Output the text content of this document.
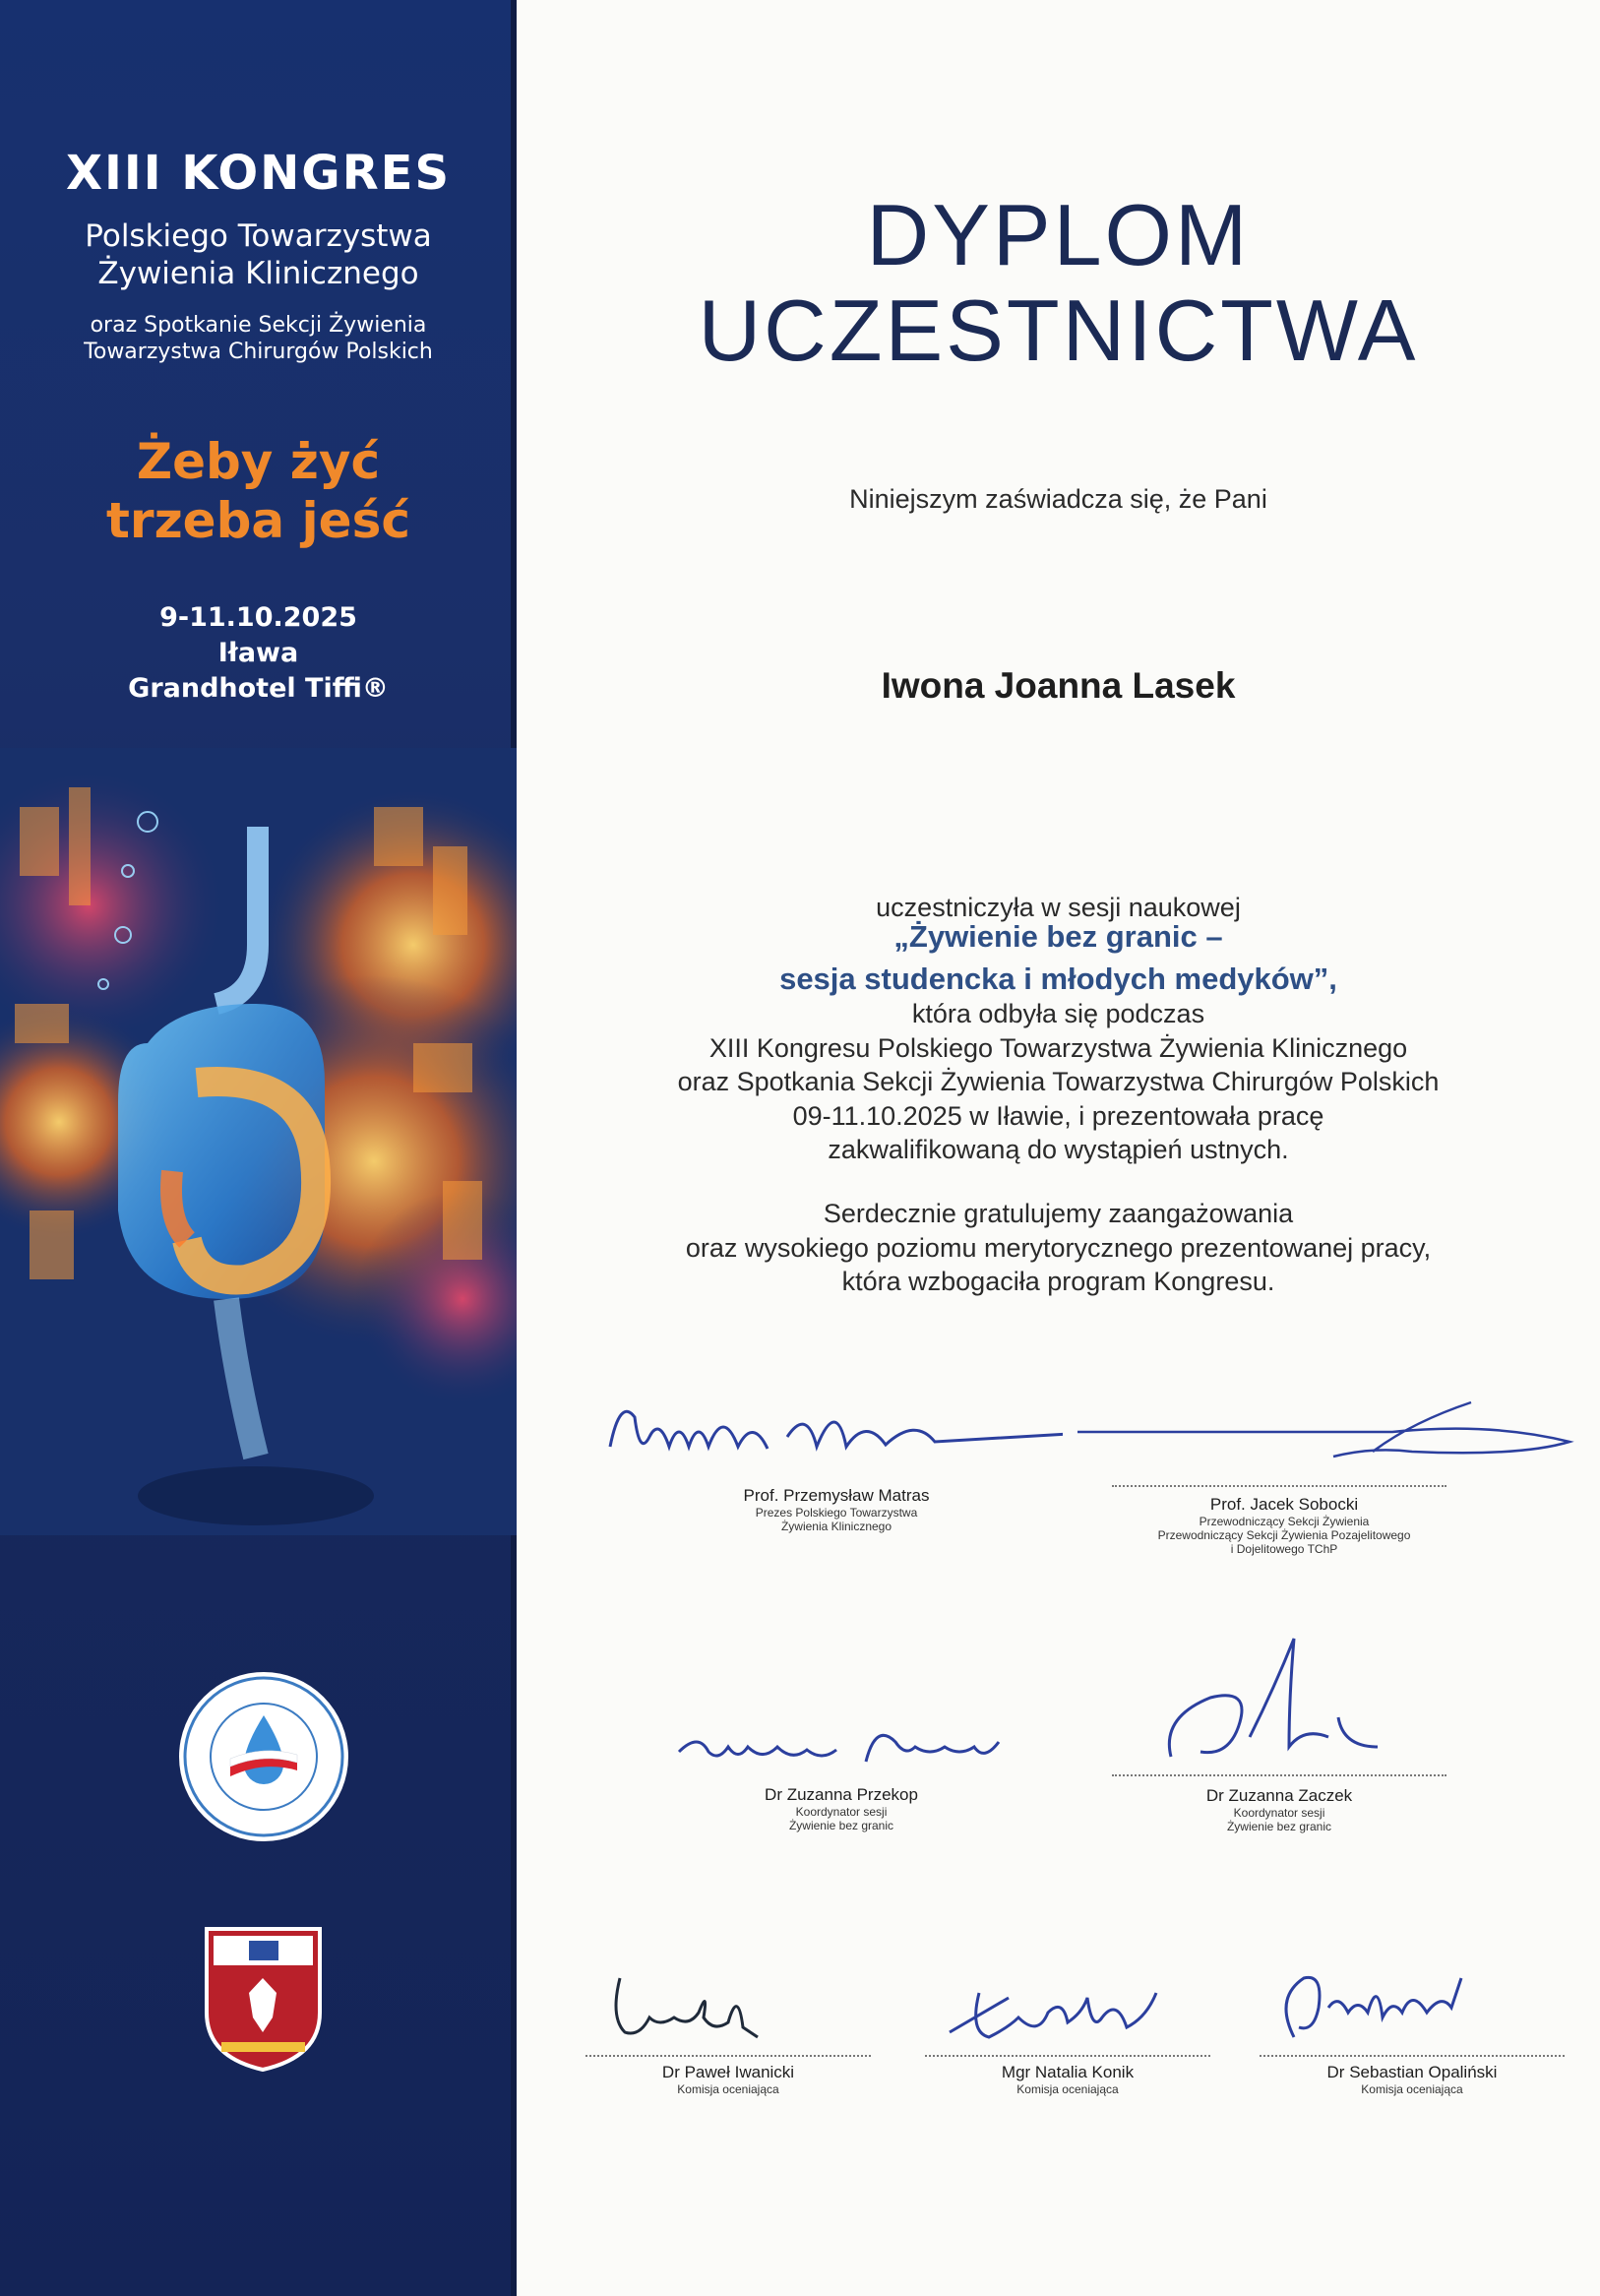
XIII KONGRES
Polskiego Towarzystwa
Żywienia Klinicznego
oraz Spotkanie Sekcji Żywienia
Towarzystwa Chirurgów Polskich
Żeby żyć
trzeba jeść
9-11.10.2025
Iława
Grandhotel Tiffi®
DYPLOM
UCZESTNICTWA
Niniejszym zaświadcza się, że Pani
Iwona Joanna Lasek
uczestniczyła w sesji naukowej
„Żywienie bez granic –
sesja studencka i młodych medyków”,
która odbyła się podczas
XIII Kongresu Polskiego Towarzystwa Żywienia Klinicznego
oraz Spotkania Sekcji Żywienia Towarzystwa Chirurgów Polskich
09-11.10.2025 w Iławie, i prezentowała pracę
zakwalifikowaną do wystąpień ustnych.
Serdecznie gratulujemy zaangażowania
oraz wysokiego poziomu merytorycznego prezentowanej pracy,
która wzbogaciła program Kongresu.
Prof. Przemysław Matras
Prezes Polskiego Towarzystwa
Żywienia Klinicznego
Prof. Jacek Sobocki
Przewodniczący Sekcji Żywienia
Przewodniczący Sekcji Żywienia Pozajelitowego
i Dojelitowego TChP
Dr Zuzanna Przekop
Koordynator sesji
Żywienie bez granic
Dr Zuzanna Zaczek
Koordynator sesji
Żywienie bez granic
Dr Paweł Iwanicki
Komisja oceniająca
Mgr Natalia Konik
Komisja oceniająca
Dr Sebastian Opaliński
Komisja oceniająca
